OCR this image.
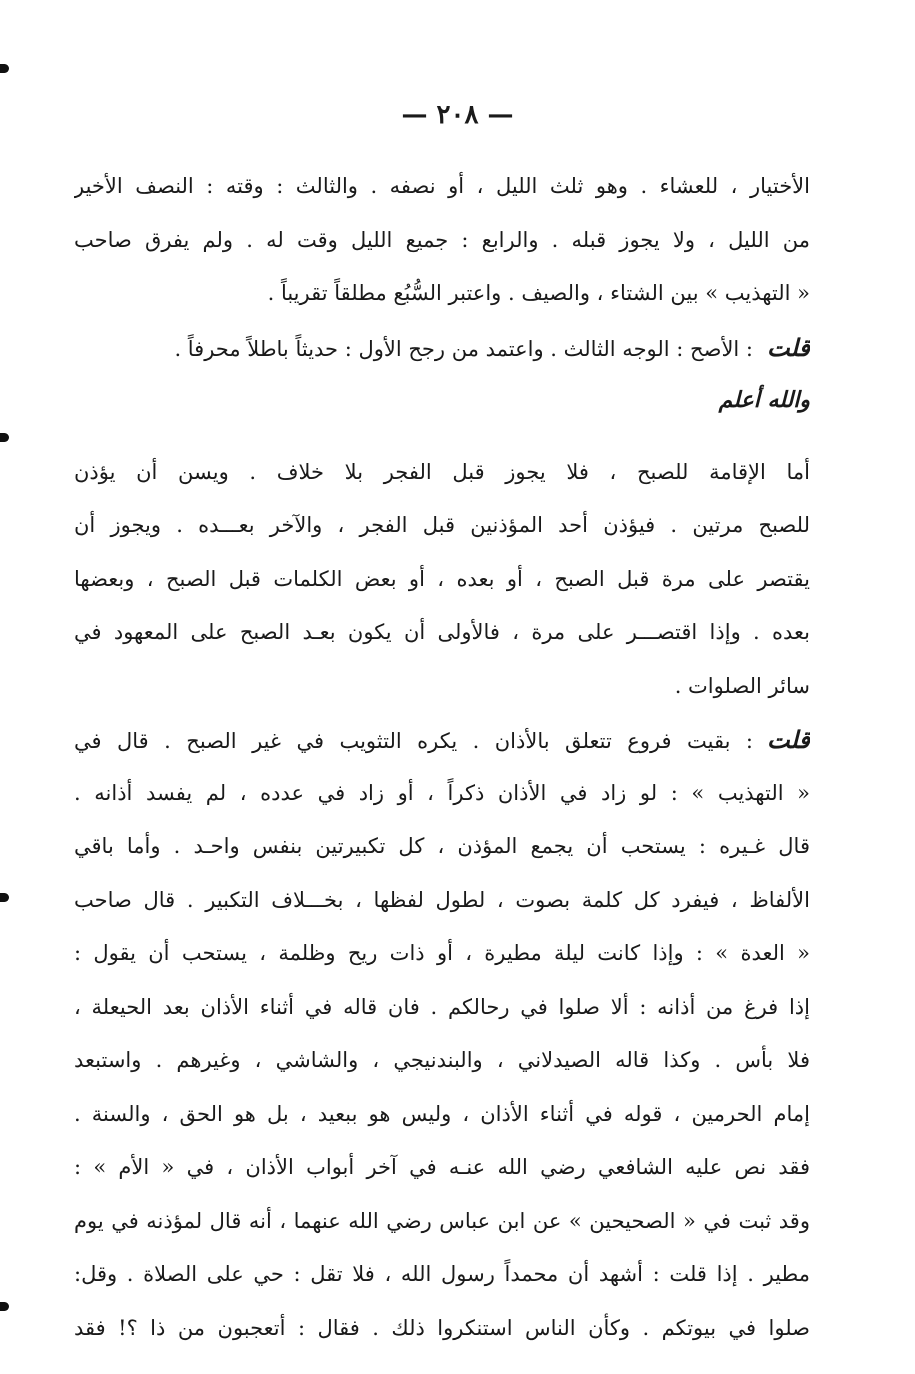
— ٢٠٨ —
الأختيار ، للعشاء . وهو ثلث الليل ، أو نصفه . والثالث : وقته : النصف الأخير
من الليل ، ولا يجوز قبله . والرابع : جميع الليل وقت له . ولم يفرق صاحب
« التهذيب » بين الشتاء ، والصيف . واعتبر السُّبُع مطلقاً تقريباً .
قلت: الأصح : الوجه الثالث . واعتمد من رجح الأول : حديثاً باطلاً محرفاً .
والله أعلم
أما الإقامة للصبح ، فلا يجوز قبل الفجر بلا خلاف . ويسن أن يؤذن
للصبح مرتين . فيؤذن أحد المؤذنين قبل الفجر ، والآخر بعـــده . ويجوز أن
يقتصر على مرة قبل الصبح ، أو بعده ، أو بعض الكلمات قبل الصبح ، وبعضها
بعده . وإذا اقتصـــر على مرة ، فالأولى أن يكون بعـد الصبح على المعهود في
سائر الصلوات .
قلت: بقيت فروع تتعلق بالأذان . يكره التثويب في غير الصبح . قال في
« التهذيب » : لو زاد في الأذان ذكراً ، أو زاد في عدده ، لم يفسد أذانه .
قال غـيره : يستحب أن يجمع المؤذن ، كل تكبيرتين بنفس واحـد . وأما باقي
الألفاظ ، فيفرد كل كلمة بصوت ، لطول لفظها ، بخـــلاف التكبير . قال صاحب
« العدة » : وإذا كانت ليلة مطيرة ، أو ذات ريح وظلمة ، يستحب أن يقول :
إذا فرغ من أذانه : ألا صلوا في رحالكم . فان قاله في أثناء الأذان بعد الحيعلة ،
فلا بأس . وكذا قاله الصيدلاني ، والبندنيجي ، والشاشي ، وغيرهم . واستبعد
إمام الحرمين ، قوله في أثناء الأذان ، وليس هو ببعيد ، بل هو الحق ، والسنة .
فقد نص عليه الشافعي رضي الله عنـه في آخر أبواب الأذان ، في « الأم » :
وقد ثبت في « الصحيحين » عن ابن عباس رضي الله عنهما ، أنه قال لمؤذنه في يوم
مطير . إذا قلت : أشهد أن محمداً رسول الله ، فلا تقل : حي على الصلاة . وقل:
صلوا في بيوتكم . وكأن الناس استنكروا ذلك . فقال : أتعجبون من ذا ؟! فقد
